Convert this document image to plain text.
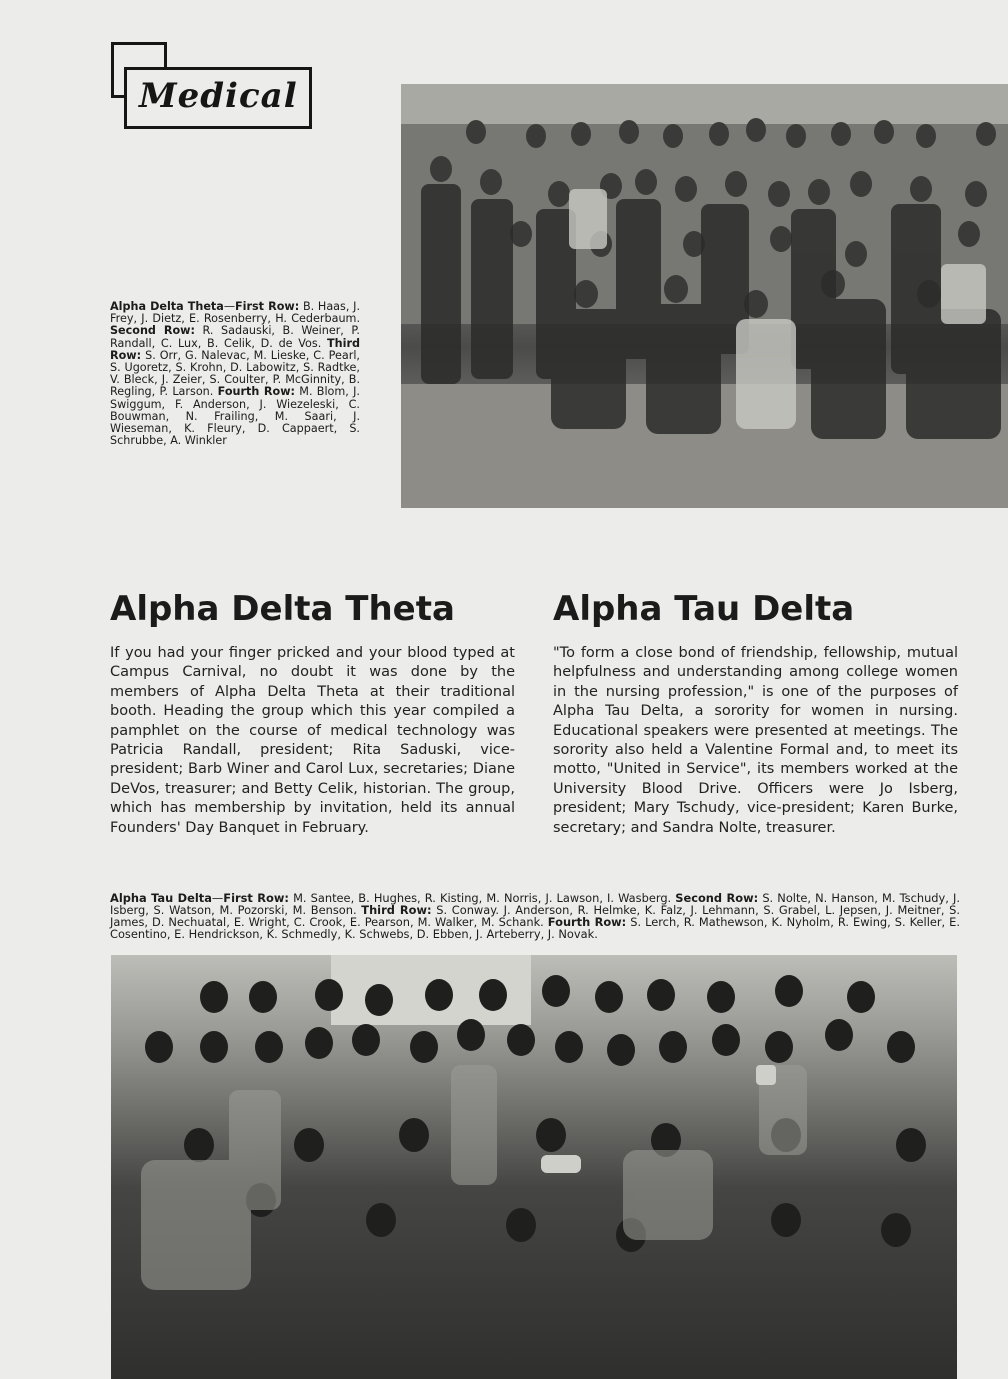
Medical
Alpha Delta Theta—First Row: B. Haas, J. Frey, J. Dietz, E. Rosenberry, H. Cederbaum. Second Row: R. Sadauski, B. Weiner, P. Randall, C. Lux, B. Celik, D. de Vos. Third Row: S. Orr, G. Nalevac, M. Lieske, C. Pearl, S. Ugoretz, S. Krohn, D. Labowitz, S. Radtke, V. Bleck, J. Zeier, S. Coulter, P. McGinnity, B. Regling, P. Larson. Fourth Row: M. Blom, J. Swiggum, F. Anderson, J. Wiezeleski, C. Bouwman, N. Frailing, M. Saari, J. Wieseman, K. Fleury, D. Cappaert, S. Schrubbe, A. Winkler
Alpha Delta Theta	Alpha Tau Delta
If you had your finger pricked and your blood typed at Campus Carnival, no doubt it was done by the members of Alpha Delta Theta at their traditional booth. Heading the group which this year compiled a pamphlet on the course of medical technology was Patricia Randall, president; Rita Saduski, vice-president; Barb Winer and Carol Lux, secretaries; Diane DeVos, treasurer; and Betty Celik, historian. The group, which has membership by invitation, held its annual Founders' Day Banquet in February.
"To form a close bond of friendship, fellowship, mutual helpfulness and understanding among college women in the nursing profession," is one of the purposes of Alpha Tau Delta, a sorority for women in nursing. Educational speakers were presented at meetings. The sorority also held a Valentine Formal and, to meet its motto, "United in Service", its members worked at the University Blood Drive. Officers were Jo Isberg, president; Mary Tschudy, vice-president; Karen Burke, secretary; and Sandra Nolte, treasurer.
Alpha Tau Delta—First Row: M. Santee, B. Hughes, R. Kisting, M. Norris, J. Lawson, I. Wasberg. Second Row: S. Nolte, N. Hanson, M. Tschudy, J. Isberg, S. Watson, M. Pozorski, M. Benson. Third Row: S. Conway. J. Anderson, R. Helmke, K. Falz, J. Lehmann, S. Grabel, L. Jepsen, J. Meitner, S. James, D. Nechuatal, E. Wright, C. Crook, E. Pearson, M. Walker, M. Schank. Fourth Row: S. Lerch, R. Mathewson, K. Nyholm, R. Ewing, S. Keller, E. Cosentino, E. Hendrickson, K. Schmedly, K. Schwebs, D. Ebben, J. Arteberry, J. Novak.
